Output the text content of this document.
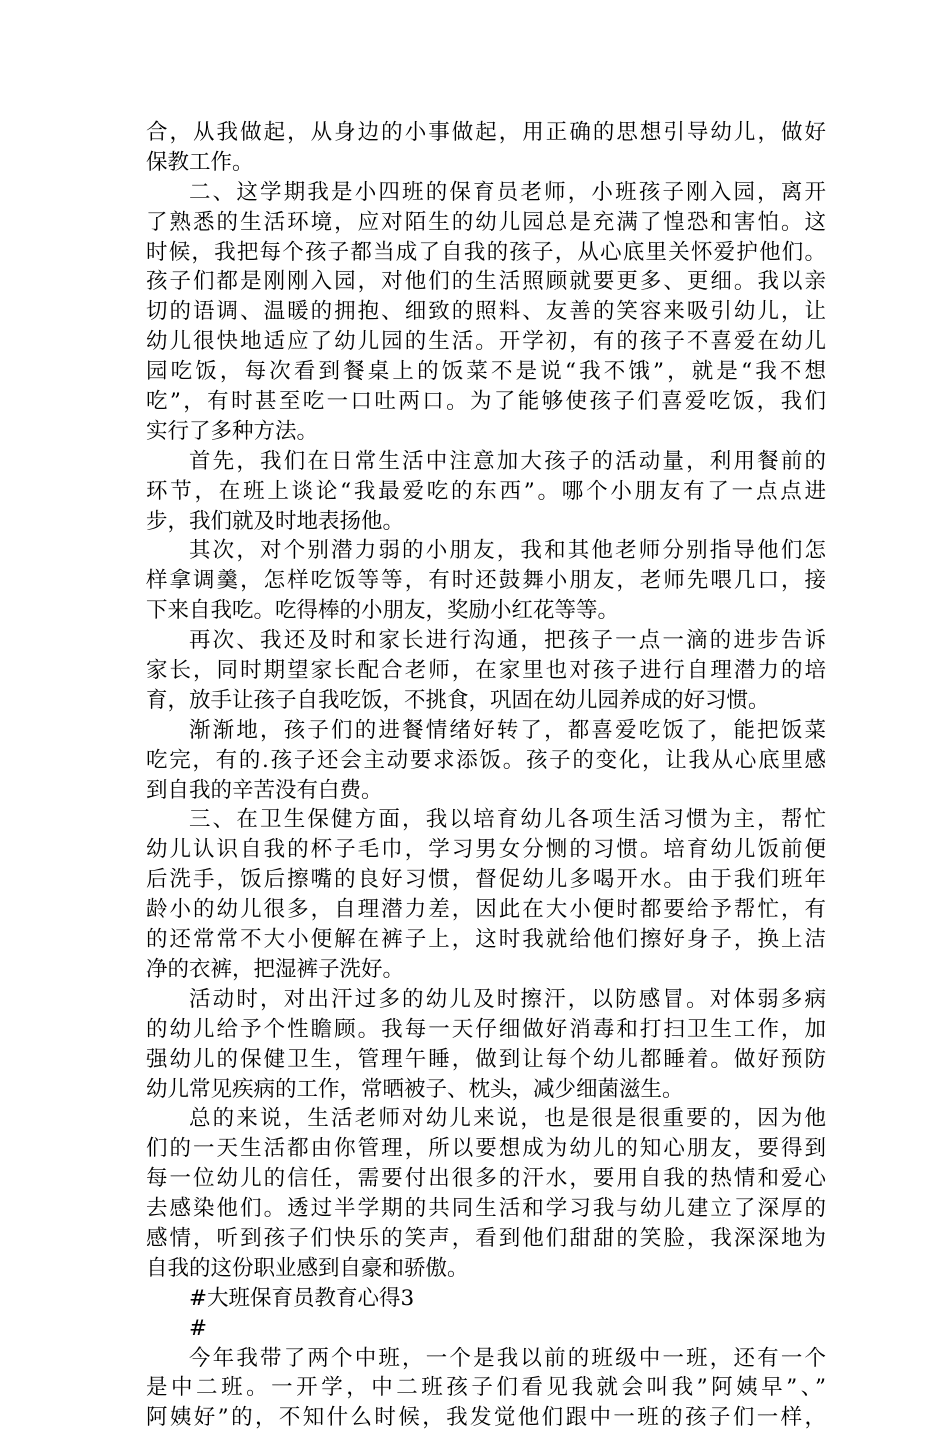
合，从我做起，从身边的小事做起，用正确的思想引导幼儿，做好
保教工作。
二、这学期我是小四班的保育员老师，小班孩子刚入园，离开
了熟悉的生活环境，应对陌生的幼儿园总是充满了惶恐和害怕。这
时候，我把每个孩子都当成了自我的孩子，从心底里关怀爱护他们。
孩子们都是刚刚入园，对他们的生活照顾就要更多、更细。我以亲
切的语调、温暖的拥抱、细致的照料、友善的笑容来吸引幼儿，让
幼儿很快地适应了幼儿园的生活。开学初，有的孩子不喜爱在幼儿
园吃饭，每次看到餐桌上的饭菜不是说“我不饿”，就是“我不想
吃”，有时甚至吃一口吐两口。为了能够使孩子们喜爱吃饭，我们
实行了多种方法。
首先，我们在日常生活中注意加大孩子的活动量，利用餐前的
环节，在班上谈论“我最爱吃的东西”。哪个小朋友有了一点点进
步，我们就及时地表扬他。
其次，对个别潜力弱的小朋友，我和其他老师分别指导他们怎
样拿调羹，怎样吃饭等等，有时还鼓舞小朋友，老师先喂几口，接
下来自我吃。吃得棒的小朋友，奖励小红花等等。
再次、我还及时和家长进行沟通，把孩子一点一滴的进步告诉
家长，同时期望家长配合老师，在家里也对孩子进行自理潜力的培
育，放手让孩子自我吃饭，不挑食，巩固在幼儿园养成的好习惯。
渐渐地，孩子们的进餐情绪好转了，都喜爱吃饭了，能把饭菜
吃完，有的.孩子还会主动要求添饭。孩子的变化，让我从心底里感
到自我的辛苦没有白费。
三、在卫生保健方面，我以培育幼儿各项生活习惯为主，帮忙
幼儿认识自我的杯子毛巾，学习男女分恻的习惯。培育幼儿饭前便
后洗手，饭后擦嘴的良好习惯，督促幼儿多喝开水。由于我们班年
龄小的幼儿很多，自理潜力差，因此在大小便时都要给予帮忙，有
的还常常不大小便解在裤子上，这时我就给他们擦好身子，换上洁
净的衣裤，把湿裤子洗好。
活动时，对出汗过多的幼儿及时擦汗，以防感冒。对体弱多病
的幼儿给予个性瞻顾。我每一天仔细做好消毒和打扫卫生工作，加
强幼儿的保健卫生，管理午睡，做到让每个幼儿都睡着。做好预防
幼儿常见疾病的工作，常晒被子、枕头，减少细菌滋生。
总的来说，生活老师对幼儿来说，也是很是很重要的，因为他
们的一天生活都由你管理，所以要想成为幼儿的知心朋友，要得到
每一位幼儿的信任，需要付出很多的汗水，要用自我的热情和爱心
去感染他们。透过半学期的共同生活和学习我与幼儿建立了深厚的
感情，听到孩子们快乐的笑声，看到他们甜甜的笑脸，我深深地为
自我的这份职业感到自豪和骄傲。
#大班保育员教育心得3
#
今年我带了两个中班，一个是我以前的班级中一班，还有一个
是中二班。一开学，中二班孩子们看见我就会叫我”阿姨早”、”
阿姨好”的，不知什么时候，我发觉他们跟中一班的孩子们一样，
